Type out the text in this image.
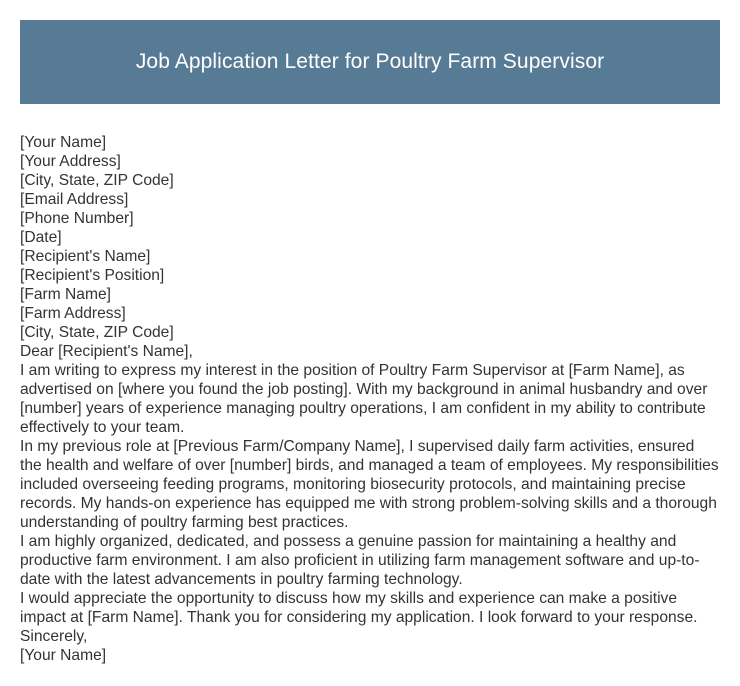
Job Application Letter for Poultry Farm Supervisor
[Your Name]
[Your Address]
[City, State, ZIP Code]
[Email Address]
[Phone Number]
[Date]
[Recipient's Name]
[Recipient's Position]
[Farm Name]
[Farm Address]
[City, State, ZIP Code]
Dear [Recipient's Name],

I am writing to express my interest in the position of Poultry Farm Supervisor at [Farm Name], as advertised on [where you found the job posting]. With my background in animal husbandry and over [number] years of experience managing poultry operations, I am confident in my ability to contribute effectively to your team.

In my previous role at [Previous Farm/Company Name], I supervised daily farm activities, ensured the health and welfare of over [number] birds, and managed a team of employees. My responsibilities included overseeing feeding programs, monitoring biosecurity protocols, and maintaining precise records. My hands-on experience has equipped me with strong problem-solving skills and a thorough understanding of poultry farming best practices.

I am highly organized, dedicated, and possess a genuine passion for maintaining a healthy and productive farm environment. I am also proficient in utilizing farm management software and up-to-date with the latest advancements in poultry farming technology.

I would appreciate the opportunity to discuss how my skills and experience can make a positive impact at [Farm Name]. Thank you for considering my application. I look forward to your response.

Sincerely,
[Your Name]
